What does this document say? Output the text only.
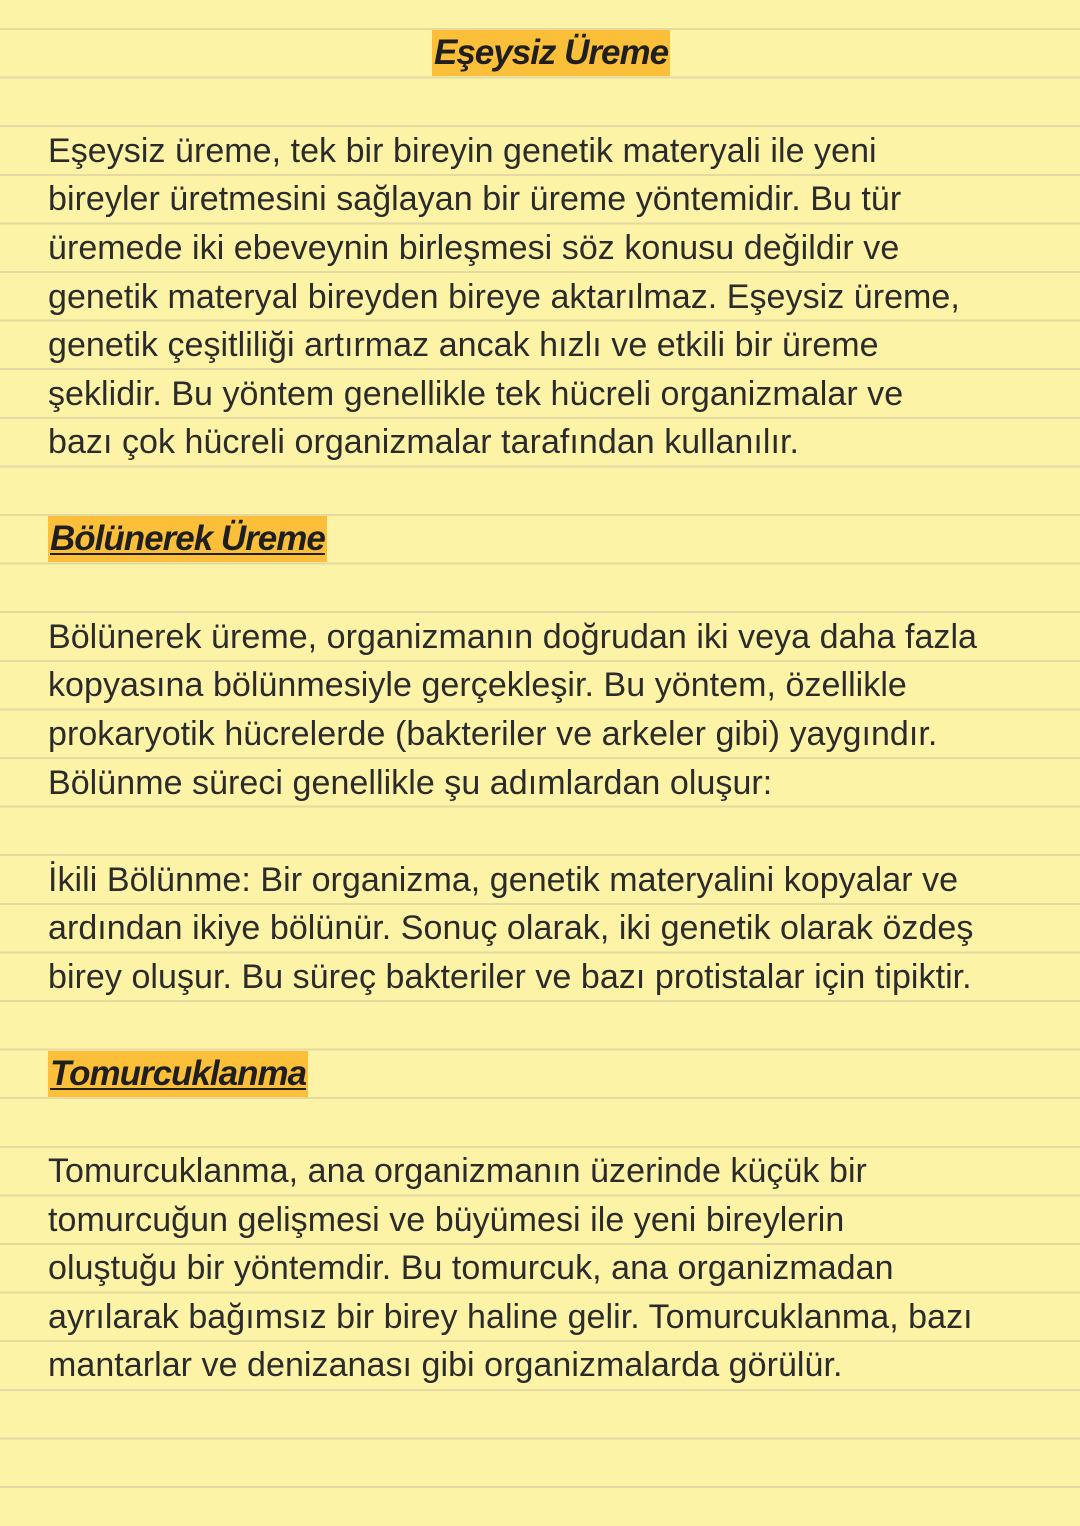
Eşeysiz Üreme
Eşeysiz üreme, tek bir bireyin genetik materyali ile yeni
bireyler üretmesini sağlayan bir üreme yöntemidir. Bu tür
üremede iki ebeveynin birleşmesi söz konusu değildir ve
genetik materyal bireyden bireye aktarılmaz. Eşeysiz üreme,
genetik çeşitliliği artırmaz ancak hızlı ve etkili bir üreme
şeklidir. Bu yöntem genellikle tek hücreli organizmalar ve
bazı çok hücreli organizmalar tarafından kullanılır.
Bölünerek Üreme
Bölünerek üreme, organizmanın doğrudan iki veya daha fazla
kopyasına bölünmesiyle gerçekleşir. Bu yöntem, özellikle
prokaryotik hücrelerde (bakteriler ve arkeler gibi) yaygındır.
Bölünme süreci genellikle şu adımlardan oluşur:
İkili Bölünme: Bir organizma, genetik materyalini kopyalar ve
ardından ikiye bölünür. Sonuç olarak, iki genetik olarak özdeş
birey oluşur. Bu süreç bakteriler ve bazı protistalar için tipiktir.
Tomurcuklanma
Tomurcuklanma, ana organizmanın üzerinde küçük bir
tomurcuğun gelişmesi ve büyümesi ile yeni bireylerin
oluştuğu bir yöntemdir. Bu tomurcuk, ana organizmadan
ayrılarak bağımsız bir birey haline gelir. Tomurcuklanma, bazı
mantarlar ve denizanası gibi organizmalarda görülür.
